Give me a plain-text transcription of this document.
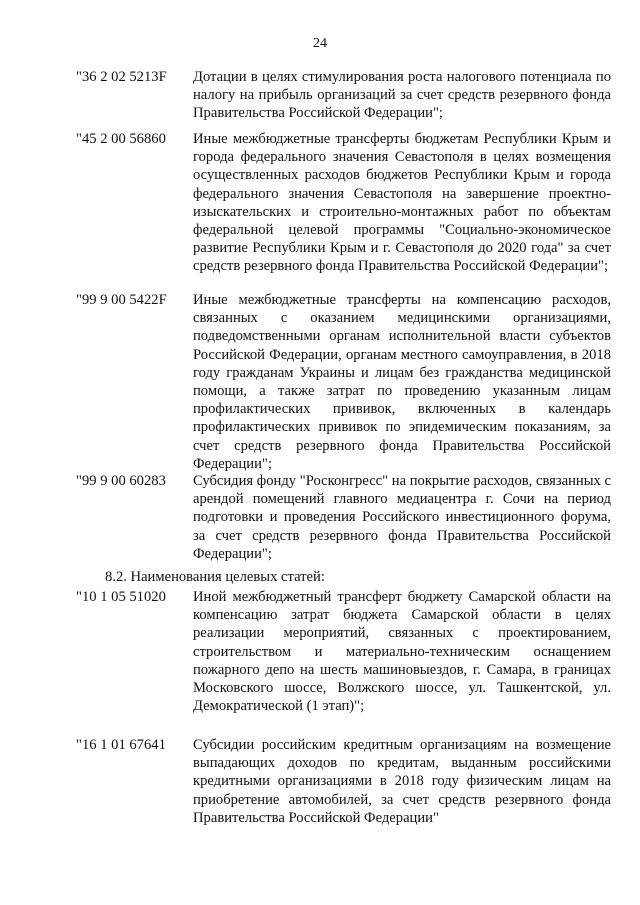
24
"36 2 02 5213F	Дотации в целях стимулирования роста налогового потенциала по налогу на прибыль организаций за счет средств резервного фонда Правительства Российской Федерации";
"45 2 00 56860	Иные межбюджетные трансферты бюджетам Республики Крым и города федерального значения Севастополя в целях возмещения осуществленных расходов бюджетов Республики Крым и города федерального значения Севастополя на завершение проектно-изыскательских и строительно-монтажных работ по объектам федеральной целевой программы "Социально-экономическое развитие Республики Крым и г. Севастополя до 2020 года" за счет средств резервного фонда Правительства Российской Федерации";
"99 9 00 5422F	Иные межбюджетные трансферты на компенсацию расходов, связанных с оказанием медицинскими организациями, подведомственными органам исполнительной власти субъектов Российской Федерации, органам местного самоуправления, в 2018 году гражданам Украины и лицам без гражданства медицинской помощи, а также затрат по проведению указанным лицам профилактических прививок, включенных в календарь профилактических прививок по эпидемическим показаниям, за счет средств резервного фонда Правительства Российской Федерации";
"99 9 00 60283	Субсидия фонду "Росконгресс" на покрытие расходов, связанных с арендой помещений главного медиацентра г. Сочи на период подготовки и проведения Российского инвестиционного форума, за счет средств резервного фонда Правительства Российской Федерации";
8.2. Наименования целевых статей:
"10 1 05 51020	Иной межбюджетный трансферт бюджету Самарской области на компенсацию затрат бюджета Самарской области в целях реализации мероприятий, связанных с проектированием, строительством и материально-техническим оснащением пожарного депо на шесть машиновыездов, г. Самара, в границах Московского шоссе, Волжского шоссе, ул. Ташкентской, ул. Демократической (1 этап)";
"16 1 01 67641	Субсидии российским кредитным организациям на возмещение выпадающих доходов по кредитам, выданным российскими кредитными организациями в 2018 году физическим лицам на приобретение автомобилей, за счет средств резервного фонда Правительства Российской Федерации"
